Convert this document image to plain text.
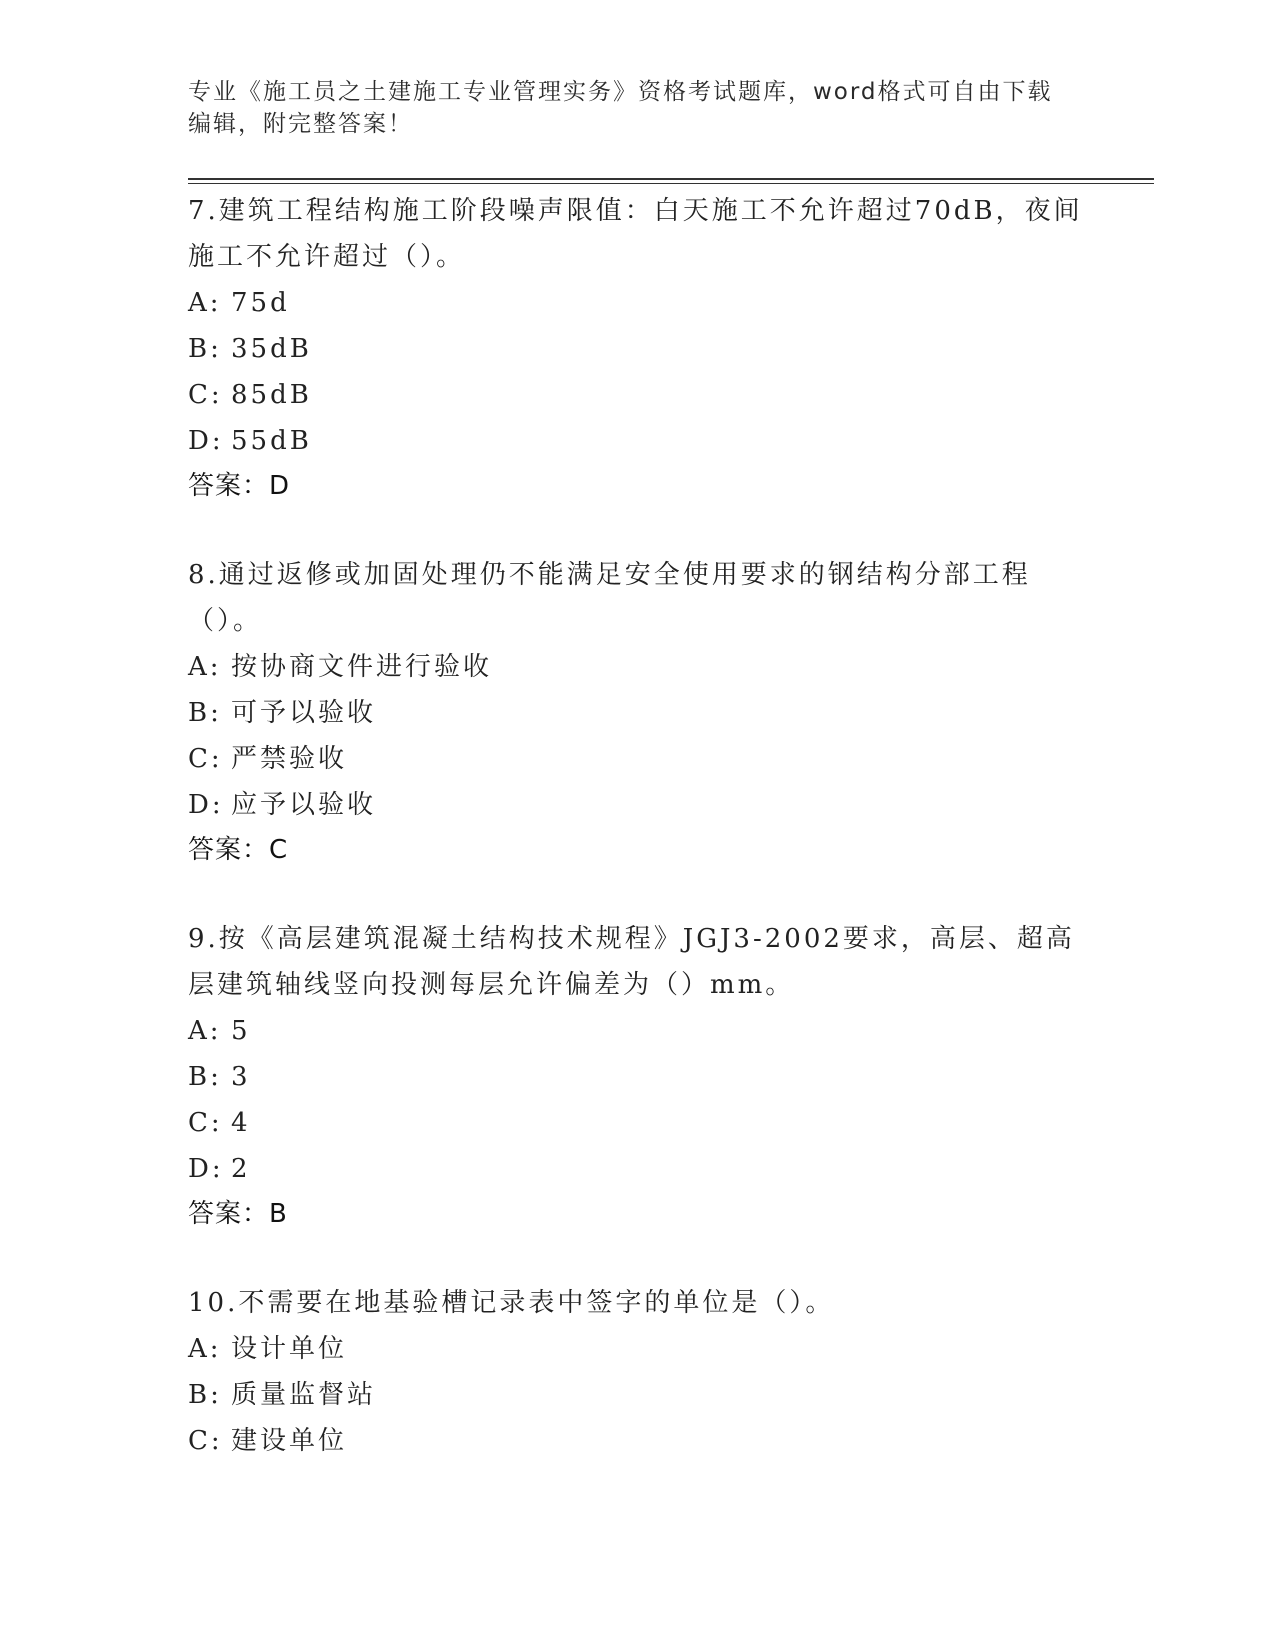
专业《施工员之土建施工专业管理实务》资格考试题库，word格式可自由下载编辑，附完整答案！
7.建筑工程结构施工阶段噪声限值：白天施工不允许超过70dB，夜间施工不允许超过（）。
A: 75d
B: 35dB
C: 85dB
D: 55dB
答案：D
8.通过返修或加固处理仍不能满足安全使用要求的钢结构分部工程（）。
A: 按协商文件进行验收
B: 可予以验收
C: 严禁验收
D: 应予以验收
答案：C
9.按《高层建筑混凝土结构技术规程》JGJ3-2002要求，高层、超高层建筑轴线竖向投测每层允许偏差为（）mm。
A: 5
B: 3
C: 4
D: 2
答案：B
10.不需要在地基验槽记录表中签字的单位是（）。
A: 设计单位
B: 质量监督站
C: 建设单位
